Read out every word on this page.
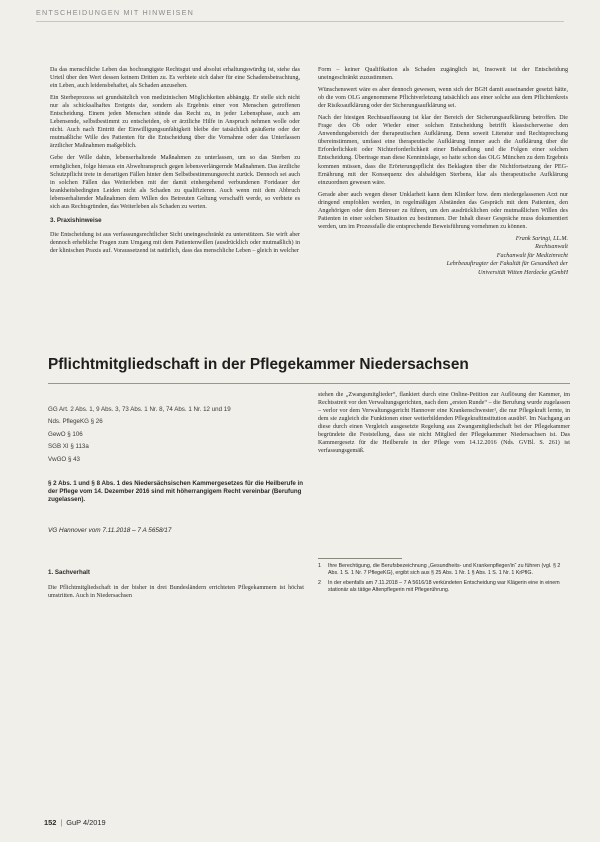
ENTSCHEIDUNGEN MIT HINWEISEN

Da das menschliche Leben das hochrangigste Rechtsgut und absolut erhaltungswürdig ist, stehe das Urteil über den Wert dessen keinem Dritten zu. Es verbiete sich daher für eine Schadensbetrachtung, ein Leben, auch leidensbehaftet, als Schaden anzusehen.

Ein Sterbeprozess sei grundsätzlich von medizinischen Möglichkeiten abhängig. Er stelle sich nicht nur als schicksalhaftes Ereignis dar, sondern als Ergebnis einer von Menschen getroffenen Entscheidung. Einem jeden Menschen stünde das Recht zu, in jeder Lebensphase, auch am Lebensende, selbstbestimmt zu entscheiden, ob er ärztliche Hilfe in Anspruch nehmen wolle oder nicht. Auch nach Eintritt der Einwilligungsunfähigkeit bleibe der tatsächlich geäußerte oder der mutmaßliche Wille des Patienten für die Entscheidung über die Vornahme oder das Unterlassen ärztlicher Maßnahmen maßgeblich.

Gebe der Wille dahin, lebenserhaltende Maßnahmen zu unterlassen, um so das Sterben zu ermöglichen, folge hieraus ein Abwehranspruch gegen lebensverlängernde Maßnahmen. Das ärztliche Schutzpflicht trete in derartigen Fällen hinter dem Selbstbestimmungsrecht zurück. Dennoch sei auch in solchen Fällen das Weiterleben mit der damit einhergehend verbundenen Fortdauer der krankheitsbedingten Leiden nicht als Schaden zu qualifizieren. Auch wenn mit dem Abbruch lebenserhaltender Maßnahmen dem Willen des Betreuten Geltung verschafft werde, so verbiete es sich aus Rechtsgründen, das Weiterleben als Schaden zu werten.

3. Praxishinweise

Die Entscheidung ist aus verfassungsrechtlicher Sicht uneingeschränkt zu unterstützen. Sie wirft aber dennoch erhebliche Fragen zum Umgang mit dem Patientenwillen (ausdrücklich oder mutmaßlich) in der klinischen Praxis auf. Voraussetzend ist natürlich, dass das menschliche Leben – gleich in welcher

Form – keiner Qualifikation als Schaden zugänglich ist, Insoweit ist der Entscheidung uneingeschränkt zuzustimmen.

Wünschenswert wäre es aber dennoch gewesen, wenn sich der BGH damit auseinander gesetzt hätte, ob die vom OLG angenommene Pflichtverletzung tatsächlich aus einer solche aus dem Pflichtenkreis der Risikoaufklärung oder der Sicherungsaufklärung sei.

Nach der hiesigen Rechtsauffassung ist klar der Bereich der Sicherungsaufklärung betroffen. Die Frage des Ob oder Wieder einer solchen Entscheidung betrifft klassischerweise den Anwendungsbereich der therapeutischen Aufklärung. Denn soweit Literatur und Rechtsprechung übereinstimmen, umfasst eine therapeutische Aufklärung immer auch die Aufklärung über die Erforderlichkeit oder Nichterforderlichkeit einer Behandlung und die Folgen einer solchen Entscheidung. Übertrage man diese Kenntnislage, so hatte schon das OLG München zu dem Ergebnis kommen müssen, dass die Erörterungspflicht des Beklagten über die Nichtfortsetzung der PEG-Ernährung mit der Konsequenz des alsbaldigen Sterbens, klar als therapeutische Aufklärung einzuordnen gewesen wäre.

Gerade aber auch wegen dieser Unklarheit kann dem Kliniker bzw. dem niedergelassenen Arzt nur dringend empfohlen werden, in regelmäßigen Abständen das Gespräch mit dem Patienten, den Angehörigen oder dem Betreuer zu führen, um den ausdrücklichen oder mutmaßlichen Willen des Patienten in einer solchen Situation zu bestimmen. Der Inhalt dieser Gespräche muss dokumentiert werden, um im Prozessfalle die entsprechende Beweisführung vornehmen zu können.

Frank Saringi, LL.M.
Rechtsanwalt
Fachanwalt für Medizinrecht
Lehrbeauftragter der Fakultät für Gesundheit der
Universität Witten Herdecke gGmbH
Pflichtmitgliedschaft in der Pflegekammer Niedersachsen
GG Art. 2 Abs. 1, 9 Abs. 3, 73 Abs. 1 Nr. 8, 74 Abs. 1 Nr. 12 und 19
Nds. PflegeKG § 26
GewO § 106
SGB XI § 113a
VwGO § 43
§ 2 Abs. 1 und § 8 Abs. 1 des Niedersächsischen Kammergesetzes für die Heilberufe in der Pflege vom 14. Dezember 2016 sind mit höherrangigem Recht vereinbar (Berufung zugelassen).
VG Hannover vom 7.11.2018 – 7 A 5658/17
1. Sachverhalt

Die Pflichtmitgliedschaft in der bisher in drei Bundesländern errichteten Pflegekammern ist höchst umstritten. Auch in Niedersachsen

stehen die „Zwangsmitglieder“, flankiert durch eine Online-Petition zur Auflösung der Kammer, im Rechtsstreit vor den Verwaltungsgerichten, nach dem „ersten Runde“ – die Berufung wurde zugelassen – verlor vor dem Verwaltungsgericht Hannover eine Krankenschwester¹, die nur Pflegekraft lernte, in dem sie zugleich die Funktionen einer weiterbildenden Pflegekraftinstitution ausübt². Im Nachgang an diese durch einen Vergleich ausgesetzte Regelung aus Zwangsmitgliedschaft bei der Pflegekammer begründete die Feststellung, dass sie nicht Mitglied der Pflegekammer Niedersachsen ist. Das Kammergesetz für die Heilberufe in der Pflege vom 14.12.2016 (Nds. GVBl. S. 261) ist verfassungsgemäß.

1	Ihre Berechtigung, die Berufsbezeichnung „Gesundheits- und Krankenpfleger/in“ zu führen (vgl. § 2 Abs. 1 S. 1 Nr. 7 PflegeKG), ergibt sich aus § 25 Abs. 1 Nr. 1 § Abs. 1 S. 1 Nr. 1 KrPflG.
2	In der ebenfalls am 7.11.2018 – 7 A 5616/18 verkündeten Entscheidung war Klägerin eine in einem stationär als tätige Altenpflegerin mit Pflegerührung.
152 | GuP 4/2019
